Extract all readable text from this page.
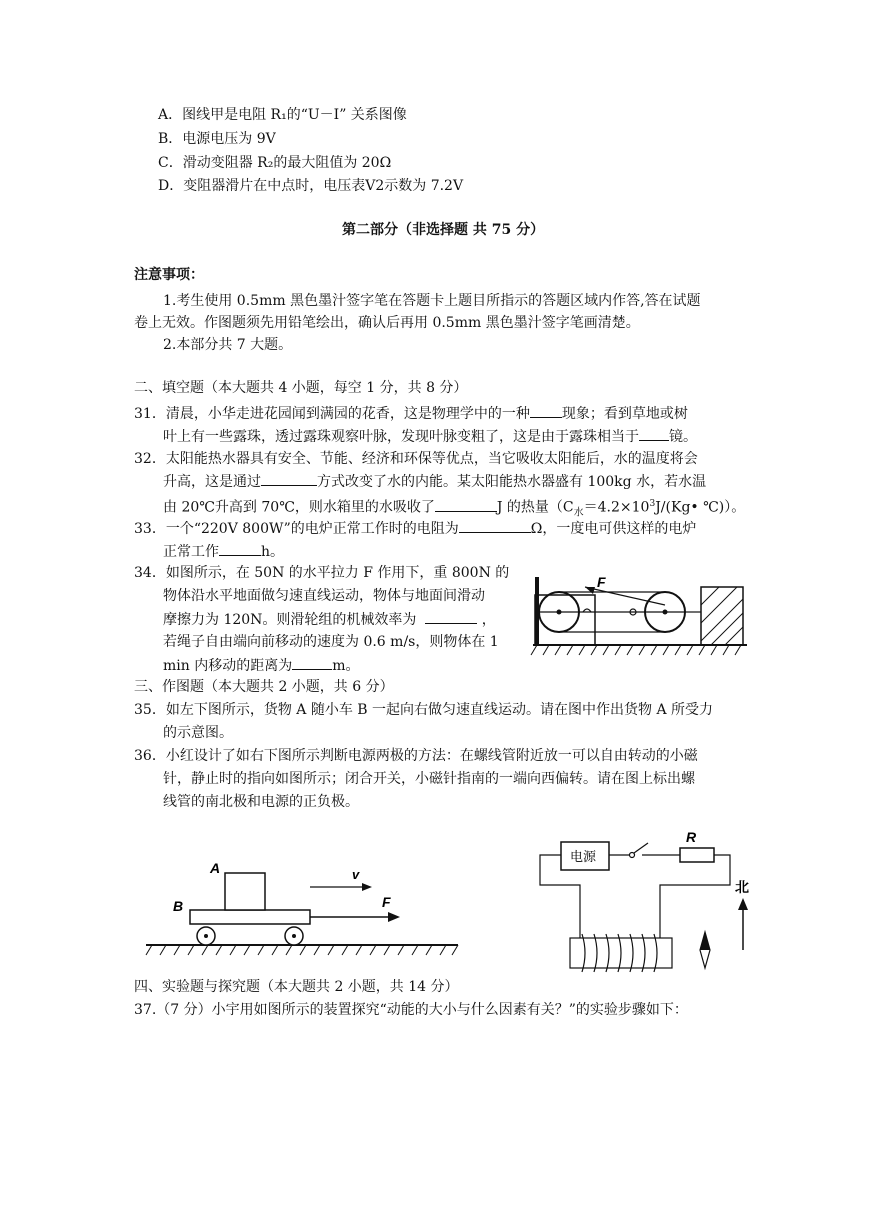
A．图线甲是电阻 R₁的“U－I” 关系图像
B．电源电压为 9V
C．滑动变阻器 R₂的最大阻值为 20Ω
D．变阻器滑片在中点时，电压表V2示数为 7.2V
第二部分（非选择题 共 75 分）
注意事项：
1.考生使用 0.5mm 黑色墨汁签字笔在答题卡上题目所指示的答题区域内作答,答在试题
卷上无效。作图题须先用铅笔绘出，确认后再用 0.5mm 黑色墨汁签字笔画清楚。
2.本部分共 7 大题。
二、填空题（本大题共 4 小题，每空 1 分，共 8 分）
31．清晨，小华走进花园闻到满园的花香，这是物理学中的一种 现象；看到草地或树
叶上有一些露珠，透过露珠观察叶脉，发现叶脉变粗了，这是由于露珠相当于 镜。
32．太阳能热水器具有安全、节能、经济和环保等优点，当它吸收太阳能后，水的温度将会
升高，这是通过	方式改变了水的内能。某太阳能热水器盛有 100kg 水，若水温
由 20℃升高到 70℃，则水箱里的水吸收了	J 的热量（$C_水=4.2\times 10^3J/(Kg•$ ℃)）。
33．一个“220V 800W”的电炉正常工作时的电阻为	Ω，一度电可供这样的电炉
正常工作	h。
34．如图所示，在 50N 的水平拉力 F 作用下，重 800N 的
物体沿水平地面做匀速直线运动，物体与地面间滑动
摩擦力为 120N。则滑轮组的机械效率为	，
若绳子自由端向前移动的速度为 0.6 m/s，则物体在 1
min 内移动的距离为	m。
F
三、作图题（本大题共 2 小题，共 6 分）
35．如左下图所示，货物 A 随小车 B 一起向右做匀速直线运动。请在图中作出货物 A 所受力
的示意图。
36．小红设计了如右下图所示判断电源两极的方法：在螺线管附近放一可以自由转动的小磁
针，静止时的指向如图所示；闭合开关，小磁针指南的一端向西偏转。请在图上标出螺
线管的南北极和电源的正负极。
A
B
v
F
电源
R
北
四、实验题与探究题（本大题共 2 小题，共 14 分）
37.（7 分）小宇用如图所示的装置探究“动能的大小与什么因素有关？”的实验步骤如下：
